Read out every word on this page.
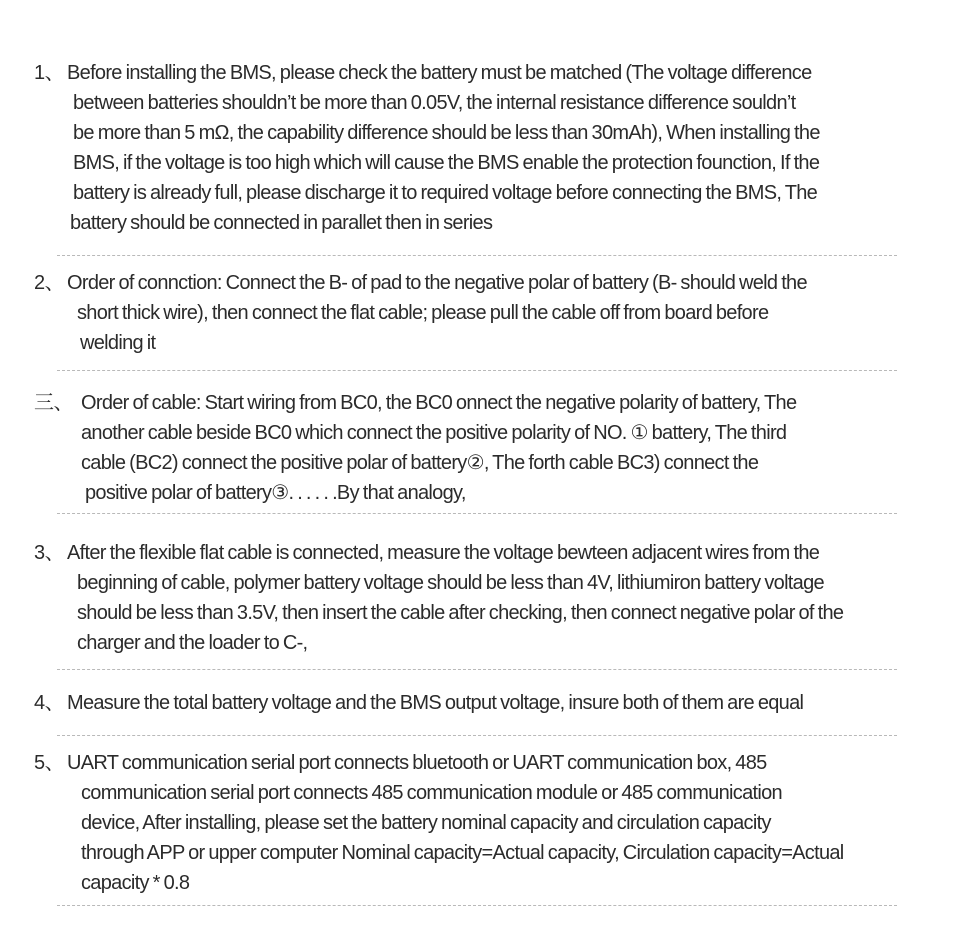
1、 Before installing the BMS, please check the battery must be matched (The voltage difference
between batteries shouldn’t be more than 0.05V, the internal resistance difference souldn’t
be more than 5 mΩ, the capability difference should be less than 30mAh), When installing the
BMS, if the voltage is too high which will cause the BMS enable the protection founction, If the
battery is already full, please discharge it to required voltage before connecting the BMS, The
battery should be connected in parallet then in series
2、 Order of connction: Connect the B- of pad to the negative polar of battery (B- should weld the
short thick wire), then connect the flat cable; please pull the cable off from board before
welding it
三、 Order of cable: Start wiring from BC0, the BC0 onnect the negative polarity of battery, The
another cable beside BC0 which connect the positive polarity of NO. ① battery, The third
cable (BC2) connect the positive polar of battery②, The forth cable BC3) connect the
positive polar of battery③. . . . . .By that analogy,
3、 After the flexible flat cable is connected, measure the voltage bewteen adjacent wires from the
beginning of cable, polymer battery voltage should be less than 4V, lithiumiron battery voltage
should be less than 3.5V, then insert the cable after checking, then connect negative polar of the
charger and the loader to C-,
4、 Measure the total battery voltage and the BMS output voltage, insure both of them are equal
5、 UART communication serial port connects bluetooth or UART communication box, 485
communication serial port connects 485 communication module or 485 communication
device, After installing, please set the battery nominal capacity and circulation capacity
through APP or upper computer Nominal capacity=Actual capacity, Circulation capacity=Actual
capacity * 0.8
